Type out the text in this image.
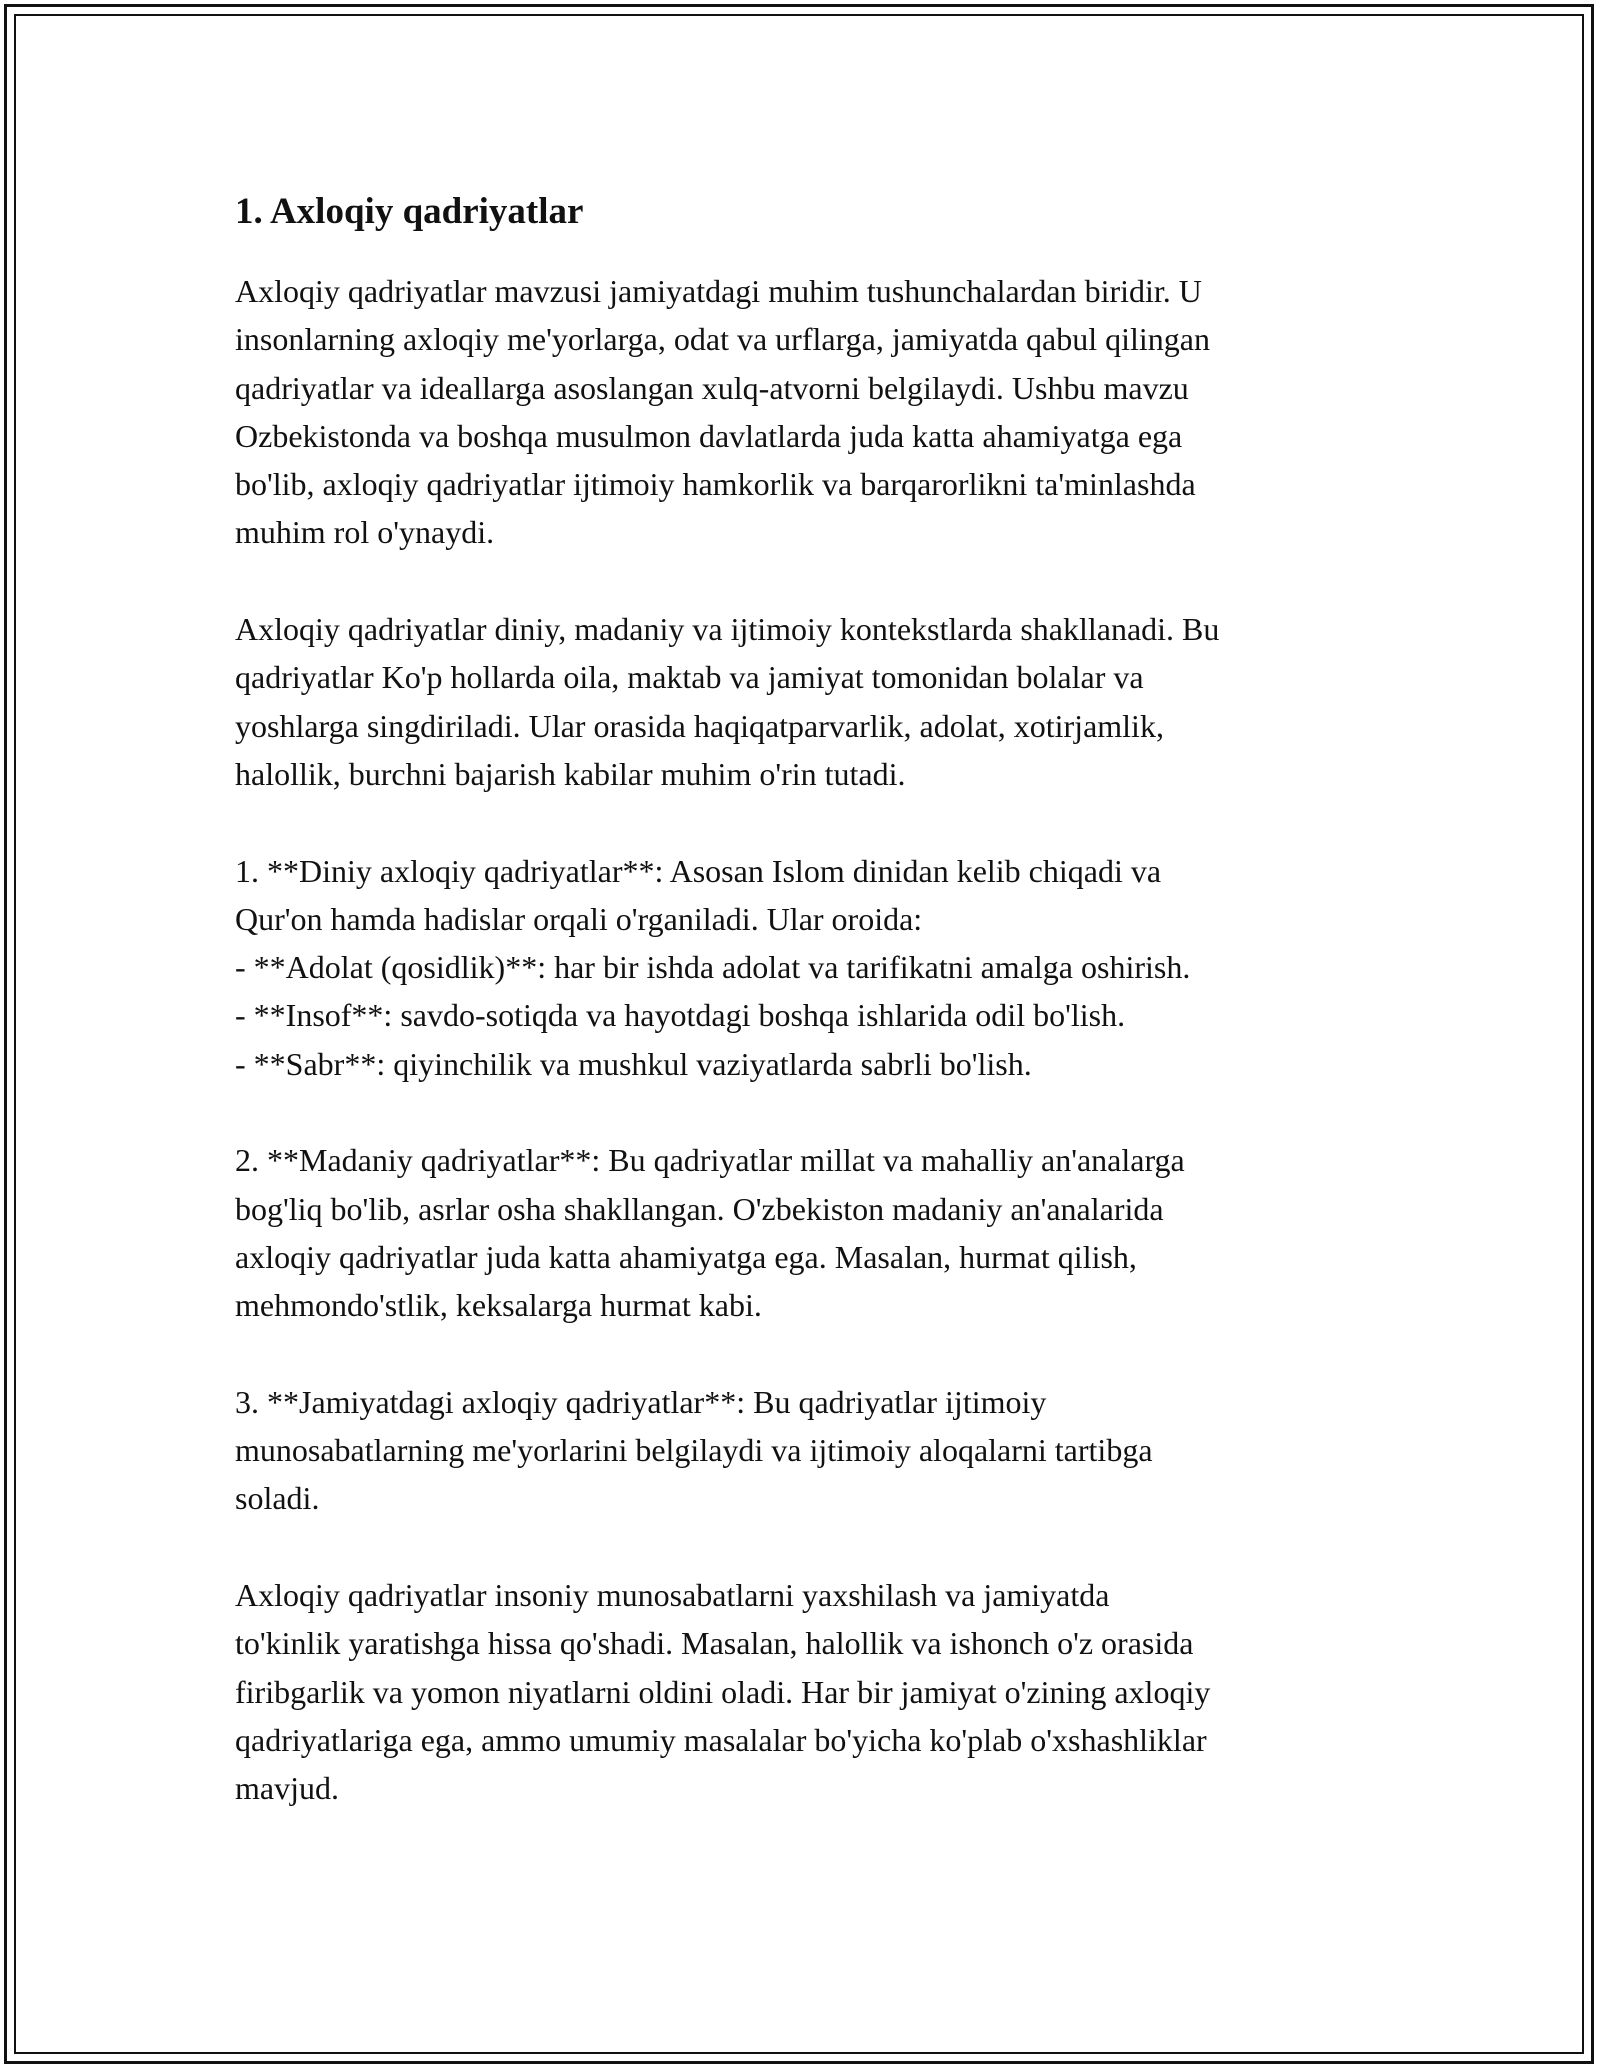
1. Axloqiy qadriyatlar

Axloqiy qadriyatlar mavzusi jamiyatdagi muhim tushunchalardan biridir. U
insonlarning axloqiy me'yorlarga, odat va urflarga, jamiyatda qabul qilingan
qadriyatlar va ideallarga asoslangan xulq-atvorni belgilaydi. Ushbu mavzu
Ozbekistonda va boshqa musulmon davlatlarda juda katta ahamiyatga ega
bo'lib, axloqiy qadriyatlar ijtimoiy hamkorlik va barqarorlikni ta'minlashda
muhim rol o'ynaydi.

Axloqiy qadriyatlar diniy, madaniy va ijtimoiy kontekstlarda shakllanadi. Bu
qadriyatlar Ko'p hollarda oila, maktab va jamiyat tomonidan bolalar va
yoshlarga singdiriladi. Ular orasida haqiqatparvarlik, adolat, xotirjamlik,
halollik, burchni bajarish kabilar muhim o'rin tutadi.

1. **Diniy axloqiy qadriyatlar**: Asosan Islom dinidan kelib chiqadi va
Qur'on hamda hadislar orqali o'rganiladi. Ular oroida:
- **Adolat (qosidlik)**: har bir ishda adolat va tarifikatni amalga oshirish.
- **Insof**: savdo-sotiqda va hayotdagi boshqa ishlarida odil bo'lish.
- **Sabr**: qiyinchilik va mushkul vaziyatlarda sabrli bo'lish.

2. **Madaniy qadriyatlar**: Bu qadriyatlar millat va mahalliy an'analarga
bog'liq bo'lib, asrlar osha shakllangan. O'zbekiston madaniy an'analarida
axloqiy qadriyatlar juda katta ahamiyatga ega. Masalan, hurmat qilish,
mehmondo'stlik, keksalarga hurmat kabi.

3. **Jamiyatdagi axloqiy qadriyatlar**: Bu qadriyatlar ijtimoiy
munosabatlarning me'yorlarini belgilaydi va ijtimoiy aloqalarni tartibga
soladi.

Axloqiy qadriyatlar insoniy munosabatlarni yaxshilash va jamiyatda
to'kinlik yaratishga hissa qo'shadi. Masalan, halollik va ishonch o'z orasida
firibgarlik va yomon niyatlarni oldini oladi. Har bir jamiyat o'zining axloqiy
qadriyatlariga ega, ammo umumiy masalalar bo'yicha ko'plab o'xshashliklar
mavjud.
